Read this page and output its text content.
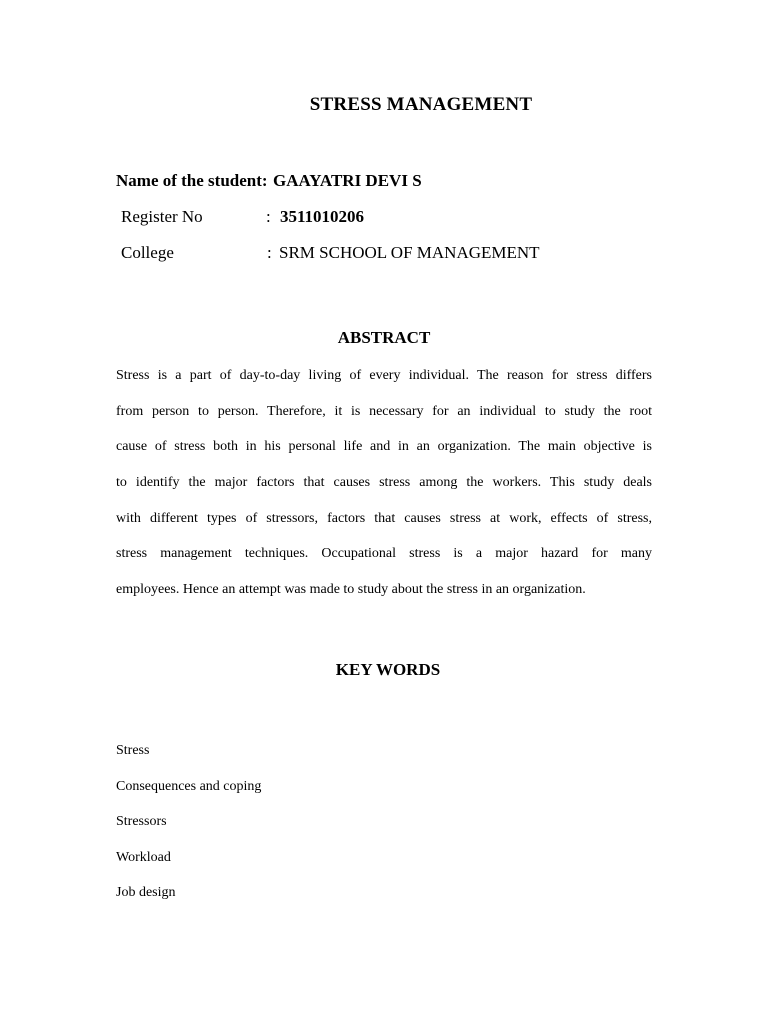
STRESS MANAGEMENT
Name of the student: GAAYATRI DEVI S
Register No	: 3511010206
College	: SRM SCHOOL OF MANAGEMENT
ABSTRACT
Stress is a part of day-to-day living of every individual. The reason for stress differs
from person to person. Therefore, it is necessary for an individual to study the root
cause of stress both in his personal life and in an organization. The main objective is
to identify the major factors that causes stress among the workers. This study deals
with different types of stressors, factors that causes stress at work, effects of stress,
stress management techniques. Occupational stress is a major hazard for many
employees. Hence an attempt was made to study about the stress in an organization.
KEY WORDS
Stress
Consequences and coping
Stressors
Workload
Job design
